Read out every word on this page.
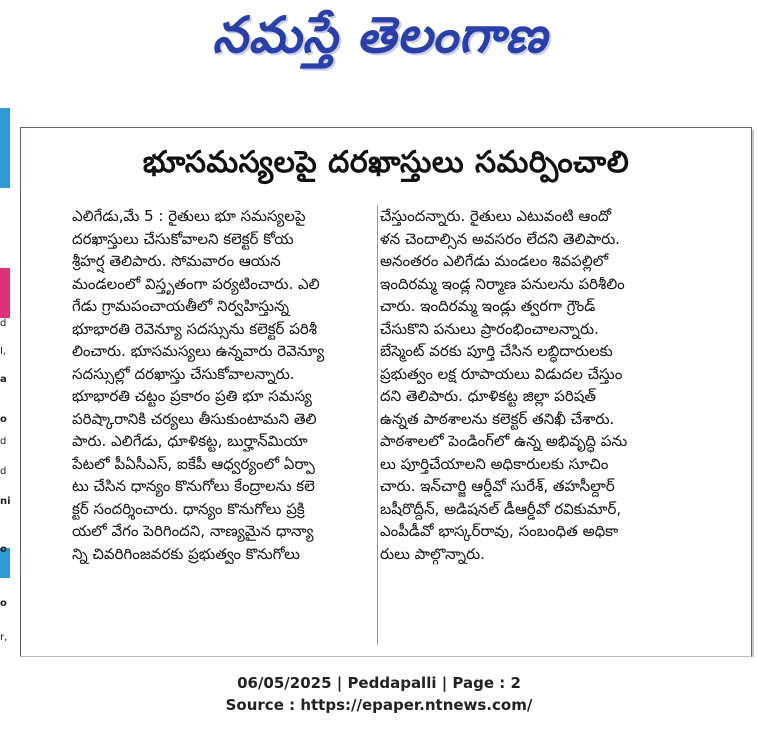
నమస్తే తెలంగాణ
d
I,
a
o
d
d
ni
o
o
r,
భూసమస్యలపై దరఖాస్తులు సమర్పించాలి
ఎలిగేడు,మే 5 : రైతులు భూ సమస్యలపై
దరఖాస్తులు చేసుకోవాలని కలెక్టర్ కోయ
శ్రీహర్ష తెలిపారు. సోమవారం ఆయన
మండలంలో విస్తృతంగా పర్యటించారు. ఎలి
గేడు గ్రామపంచాయతీలో నిర్వహిస్తున్న
భూభారతి రెవెన్యూ సదస్సును కలెక్టర్ పరిశీ
లించారు. భూసమస్యలు ఉన్నవారు రెవెన్యూ
సదస్సుల్లో దరఖాస్తు చేసుకోవాలన్నారు.
భూభారతి చట్టం ప్రకారం ప్రతి భూ సమస్య
పరిష్కారానికి చర్యలు తీసుకుంటామని తెలి
పారు. ఎలిగేడు, ధూళికట్ట, బుర్హాన్‌మియా
పేటలో పీఏసీఎస్, ఐకేపీ ఆధ్వర్యంలో ఏర్పా
టు చేసిన ధాన్యం కొనుగోలు కేంద్రాలను కలె
క్టర్ సందర్శించారు. ధాన్యం కొనుగోలు ప్రక్రి
యలో వేగం పెరిగిందని, నాణ్యమైన ధాన్యా
న్ని చివరిగింజవరకు ప్రభుత్వం కొనుగోలు
చేస్తుందన్నారు. రైతులు ఎటువంటి ఆందో
ళన చెందాల్సిన అవసరం లేదని తెలిపారు.
అనంతరం ఎలిగేడు మండలం శివపల్లిలో
ఇందిరమ్మ ఇండ్ల నిర్మాణ పనులను పరిశీలిం
చారు. ఇందిరమ్మ ఇండ్లు త్వరగా గ్రౌండ్
చేసుకొని పనులు ప్రారంభించాలన్నారు.
బేస్మెంట్ వరకు పూర్తి చేసిన లబ్ధిదారులకు
ప్రభుత్వం లక్ష రూపాయలు విడుదల చేస్తుం
దని తెలిపారు. ధూళికట్ట జిల్లా పరిషత్
ఉన్నత పాఠశాలను కలెక్టర్ తనిఖీ చేశారు.
పాఠశాలలో పెండింగ్‌లో ఉన్న అభివృద్ధి పను
లు పూర్తిచేయాలని అధికారులకు సూచిం
చారు. ఇన్‌చార్జి ఆర్డీవో సురేశ్, తహసీల్దార్
బషీరొద్దీన్, అడిషనల్ డీఆర్డీవో రవికుమార్,
ఎంపీడీవో భాస్కర్‌రావు, సంబంధిత అధికా
రులు పాల్గొన్నారు.
06/05/2025 | Peddapalli | Page : 2
Source : https://epaper.ntnews.com/
